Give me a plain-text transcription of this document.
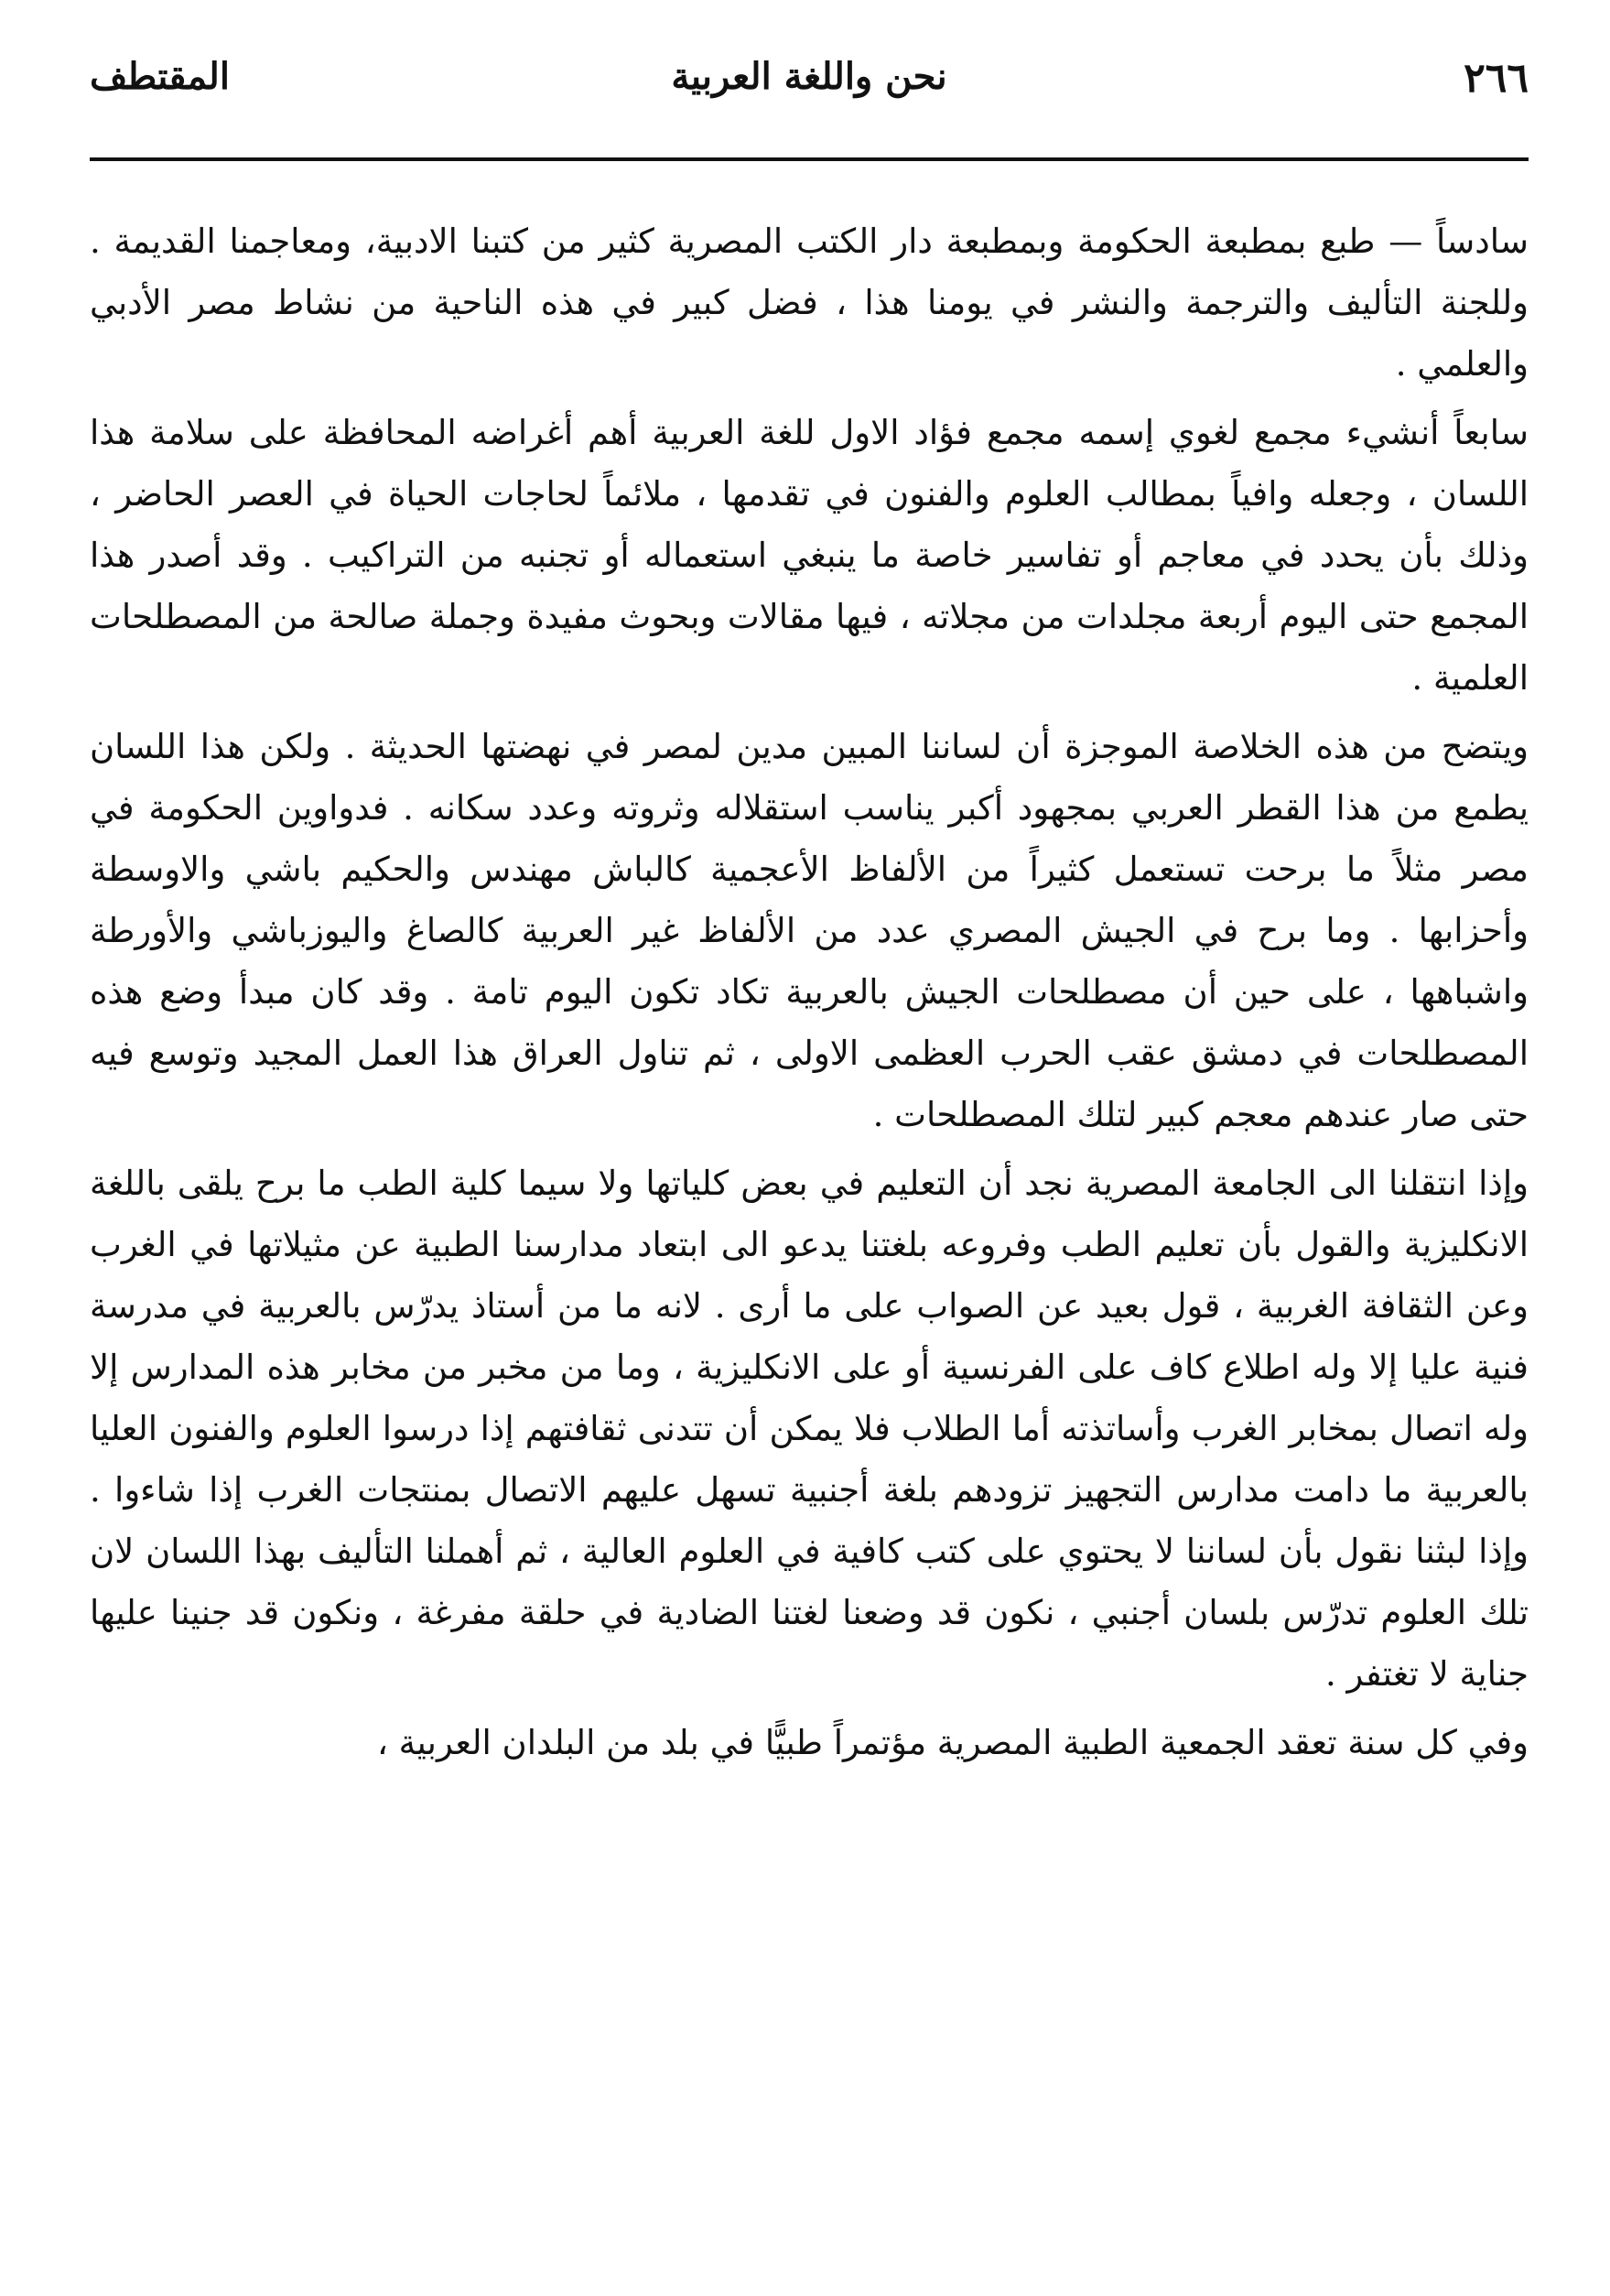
٢٦٦
نحن واللغة العربية
المقتطف

سادساً — طبع بمطبعة الحكومة وبمطبعة دار الكتب المصرية كثير من كتبنا الادبية، ومعاجمنا القديمة . وللجنة التأليف والترجمة والنشر في يومنا هذا ، فضل كبير في هذه الناحية من نشاط مصر الأدبي والعلمي .

سابعاً أنشيء مجمع لغوي إسمه مجمع فؤاد الاول للغة العربية أهم أغراضه المحافظة على سلامة هذا اللسان ، وجعله وافياً بمطالب العلوم والفنون في تقدمها ، ملائماً لحاجات الحياة في العصر الحاضر ، وذلك بأن يحدد في معاجم أو تفاسير خاصة ما ينبغي استعماله أو تجنبه من التراكيب . وقد أصدر هذا المجمع حتى اليوم أربعة مجلدات من مجلاته ، فيها مقالات وبحوث مفيدة وجملة صالحة من المصطلحات العلمية .

ويتضح من هذه الخلاصة الموجزة أن لساننا المبين مدين لمصر في نهضتها الحديثة . ولكن هذا اللسان يطمع من هذا القطر العربي بمجهود أكبر يناسب استقلاله وثروته وعدد سكانه . فدواوين الحكومة في مصر مثلاً ما برحت تستعمل كثيراً من الألفاظ الأعجمية كالباش مهندس والحكيم باشي والاوسطة وأحزابها . وما برح في الجيش المصري عدد من الألفاظ غير العربية كالصاغ واليوزباشي والأورطة واشباهها ، على حين أن مصطلحات الجيش بالعربية تكاد تكون اليوم تامة . وقد كان مبدأ وضع هذه المصطلحات في دمشق عقب الحرب العظمى الاولى ، ثم تناول العراق هذا العمل المجيد وتوسع فيه حتى صار عندهم معجم كبير لتلك المصطلحات .

وإذا انتقلنا الى الجامعة المصرية نجد أن التعليم في بعض كلياتها ولا سيما كلية الطب ما برح يلقى باللغة الانكليزية والقول بأن تعليم الطب وفروعه بلغتنا يدعو الى ابتعاد مدارسنا الطبية عن مثيلاتها في الغرب وعن الثقافة الغربية ، قول بعيد عن الصواب على ما أرى . لانه ما من أستاذ يدرّس بالعربية في مدرسة فنية عليا إلا وله اطلاع كاف على الفرنسية أو على الانكليزية ، وما من مخبر من مخابر هذه المدارس إلا وله اتصال بمخابر الغرب وأساتذته أما الطلاب فلا يمكن أن تتدنى ثقافتهم إذا درسوا العلوم والفنون العليا بالعربية ما دامت مدارس التجهيز تزودهم بلغة أجنبية تسهل عليهم الاتصال بمنتجات الغرب إذا شاءوا . وإذا لبثنا نقول بأن لساننا لا يحتوي على كتب كافية في العلوم العالية ، ثم أهملنا التأليف بهذا اللسان لان تلك العلوم تدرّس بلسان أجنبي ، نكون قد وضعنا لغتنا الضادية في حلقة مفرغة ، ونكون قد جنينا عليها جناية لا تغتفر .

وفي كل سنة تعقد الجمعية الطبية المصرية مؤتمراً طبيًّا في بلد من البلدان العربية ،
